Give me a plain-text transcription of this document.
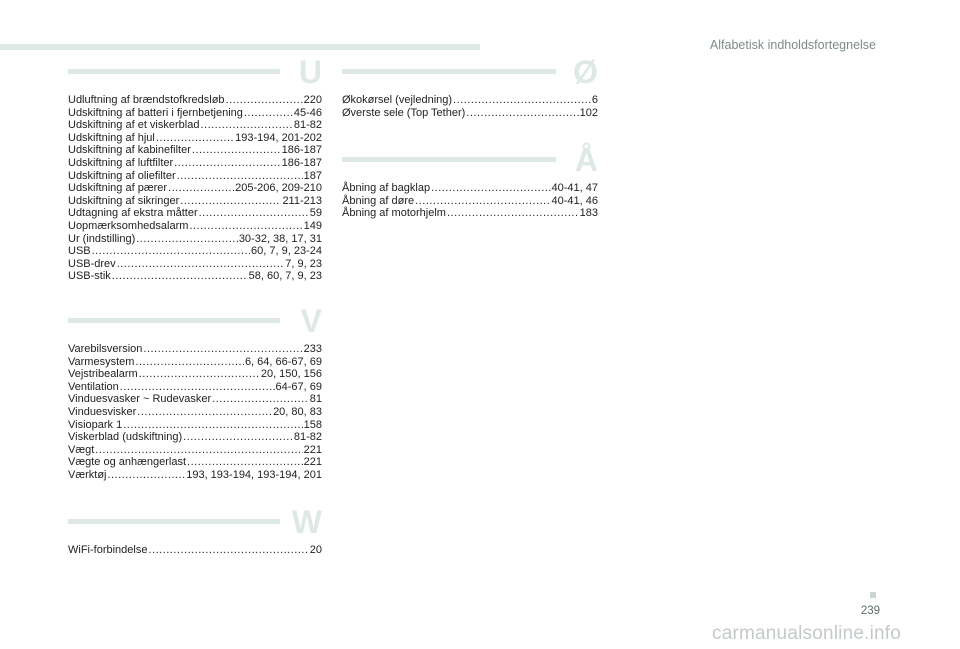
Alfabetisk indholdsfortegnelse
U
Udluftning af brændstofkredsløb .....	220
Udskiftning af batteri i fjernbetjening .....	45-46
Udskiftning af et viskerblad .....	81-82
Udskiftning af hjul .....	193-194, 201-202
Udskiftning af kabinefilter .....	186-187
Udskiftning af luftfilter .....	186-187
Udskiftning af oliefilter .....	187
Udskiftning af pærer .....	205-206, 209-210
Udskiftning af sikringer .....	211-213
Udtagning af ekstra måtter .....	59
Uopmærksomhedsalarm .....	149
Ur (indstilling) .....	30-32, 38, 17, 31
USB .....	60, 7, 9, 23-24
USB-drev .....	7, 9, 23
USB-stik .....	58, 60, 7, 9, 23
V
Varebilsversion .....	233
Varmesystem .....	6, 64, 66-67, 69
Vejstribealarm .....	20, 150, 156
Ventilation .....	64-67, 69
Vinduesvasker ~ Rudevasker .....	81
Vinduesvisker .....	20, 80, 83
Visiopark 1 .....	158
Viskerblad (udskiftning) .....	81-82
Vægt .....	221
Vægte og anhængerlast .....	221
Værktøj .....	193, 193-194, 193-194, 201
W
WiFi-forbindelse .....	20
Ø
Økokørsel (vejledning) .....	6
Øverste sele (Top Tether) .....	102
Å
Åbning af bagklap .....	40-41, 47
Åbning af døre .....	40-41, 46
Åbning af motorhjelm .....	183
239
carmanualsonline.info
